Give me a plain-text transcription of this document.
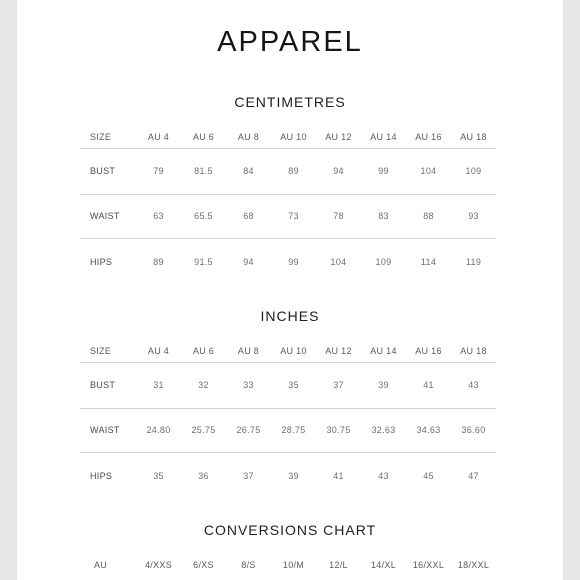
APPAREL
CENTIMETRES
SIZE	AU 4	AU 6	AU 8	AU 10	AU 12	AU 14	AU 16	AU 18
BUST	79	81.5	84	89	94	99	104	109
WAIST	63	65.5	68	73	78	83	88	93
HIPS	89	91.5	94	99	104	109	114	119
INCHES
SIZE	AU 4	AU 6	AU 8	AU 10	AU 12	AU 14	AU 16	AU 18
BUST	31	32	33	35	37	39	41	43
WAIST	24.80	25.75	26.75	28.75	30.75	32.63	34.63	36.60
HIPS	35	36	37	39	41	43	45	47
CONVERSIONS CHART
AU	4/XXS	6/XS	8/S	10/M	12/L	14/XL	16/XXL	18/XXL
